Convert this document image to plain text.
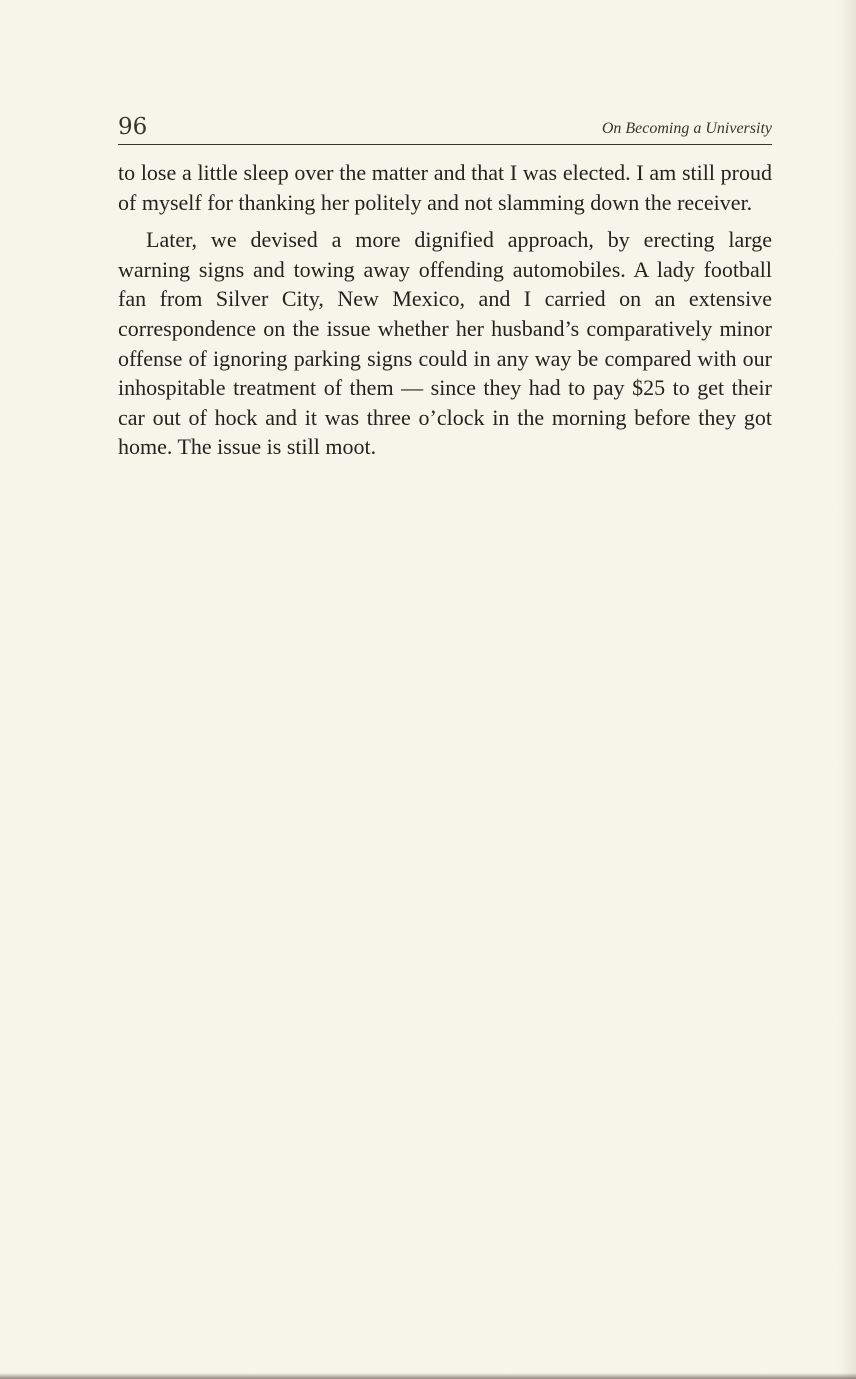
96	On Becoming a University

to lose a little sleep over the matter and that I was elected. I am still proud of myself for thanking her politely and not slamming down the receiver.

Later, we devised a more dignified approach, by erecting large warning signs and towing away offending automobiles. A lady football fan from Silver City, New Mexico, and I carried on an extensive correspondence on the issue whether her husband’s comparatively minor offense of ignoring parking signs could in any way be compared with our inhospitable treatment of them — since they had to pay $25 to get their car out of hock and it was three o’clock in the morning before they got home. The issue is still moot.
